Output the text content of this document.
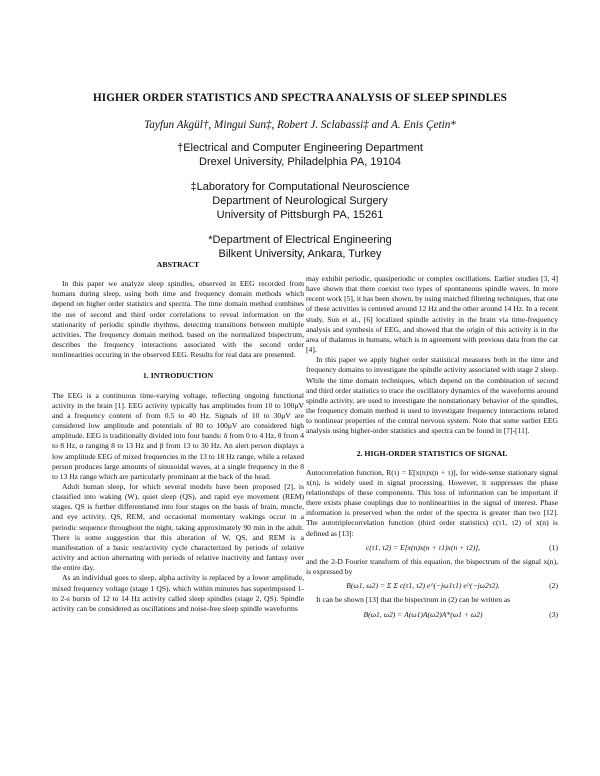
HIGHER ORDER STATISTICS AND SPECTRA ANALYSIS OF SLEEP SPINDLES
Tayfun Akgül†, Mingui Sun‡, Robert J. Sclabassi‡ and A. Enis Çetin*
†Electrical and Computer Engineering Department
Drexel University, Philadelphia PA, 19104
‡Laboratory for Computational Neuroscience
Department of Neurological Surgery
University of Pittsburgh PA, 15261
*Department of Electrical Engineering
Bilkent University, Ankara, Turkey
ABSTRACT

In this paper we analyze sleep spindles, observed in EEG recorded from humans during sleep, using both time and frequency domain methods which depend on higher order statistics and spectra. The time domain method combines the use of second and third order correlations to reveal information on the stationarity of periodic spindle rhythms, detecting transitions between multiple activities. The frequency domain method, based on the normalized bispectrum, describes the frequency interactions associated with the second order nonlinearities occuring in the observed EEG. Results for real data are presented.

1. INTRODUCTION

The EEG is a continuous time-varying voltage, reflecting ongoing functional activity in the brain [1]. EEG activity typically has amplitudes from 10 to 100μV and a frequency content of from 0.5 to 40 Hz. Signals of 10 to 30μV are considered low amplitude and potentials of 80 to 100μV are considered high amplitude. EEG is traditionally divided into four bands: δ from 0 to 4 Hz, θ from 4 to 8 Hz, α ranging 8 to 13 Hz and β from 13 to 30 Hz. An alert person displays a low amplitude EEG of mixed frequencies in the 13 to 18 Hz range, while a relaxed person produces large amounts of sinusoidal waves, at a single frequency in the 8 to 13 Hz range which are particularly prominant at the back of the head.

Adult human sleep, for which several models have been proposed [2], is classified into waking (W), quiet sleep (QS), and rapid eye movement (REM) stages. QS is further differentiated into four stages on the basis of brain, muscle, and eye activity. QS, REM, and occasional momentary wakings occur in a periodic sequence throughout the night, taking approximately 90 min in the adult. There is some suggestion that this alteration of W, QS, and REM is a manifestation of a basic rest/activity cycle characterized by periods of relative activity and action alternating with periods of relative inactivity and fantasy over the entire day.

As an individual goes to sleep, alpha activity is replaced by a lower amplitude, mixed frequency voltage (stage 1 QS), which within minutes has superimposed 1- to 2-s bursts of 12 to 14 Hz activity called sleep spindles (stage 2, QS). Spindle activity can be considered as oscillations and noise-free sleep spindle waveforms

may exhibit periodic, quasiperiodic or complex oscillations. Earlier studies [3, 4] have shown that there coexist two types of spontaneous spindle waves. In more recent work [5], it has been shown, by using matched filtering techniques, that one of these activities is centered around 12 Hz and the other around 14 Hz. In a recent study, Sun et al., [6] localized spindle activity in the brain via time-frequency analysis and synthesis of EEG, and showed that the origin of this activity is in the area of thalamus in humans, which is in agreement with previous data from the cat [4].

In this paper we apply higher order statistical measures both in the time and frequency domains to investigate the spindle activity associated with stage 2 sleep. While the time domain techniques, which depend on the combination of second and third order statistics to trace the oscillatory dynamics of the waveforms around spindle activity, are used to investigate the nonstationary behavior of the spindles, the frequency domain method is used to investigate frequency interactions related to nonlinear properties of the central nervous system. Note that some earlier EEG analysis using higher-order statistics and spectra can be found in [7]-[11].

2. HIGH-ORDER STATISTICS OF SIGNAL

Autocorrelation function, R(τ) = E[x(n)x(n + τ)], for wide-sense stationary signal x(n), is widely used in signal processing. However, it suppresses the phase relationships of these components. This loss of information can be important if there exists phase couplings due to nonlinearities in the signal of interest. Phase information is preserved when the order of the spectra is greater than two [12]. The autotriplecorrelation function (third order statistics) c(τ1, τ2) of x(n) is defined as [13]:

c(τ1, τ2) = E[x(n)x(n + τ1)x(n + τ2)],	(1)

and the 2-D Fourier transform of this equation, the bispectrum of the signal x(n), is expressed by

B(ω1, ω2) = Σ Σ c(τ1, τ2) e^(−jω1τ1) e^(−jω2τ2).	(2)

It can be shown [13] that the bispectrum in (2) can be written as

B(ω1, ω2) = A(ω1)A(ω2)A*(ω1 + ω2)	(3)
